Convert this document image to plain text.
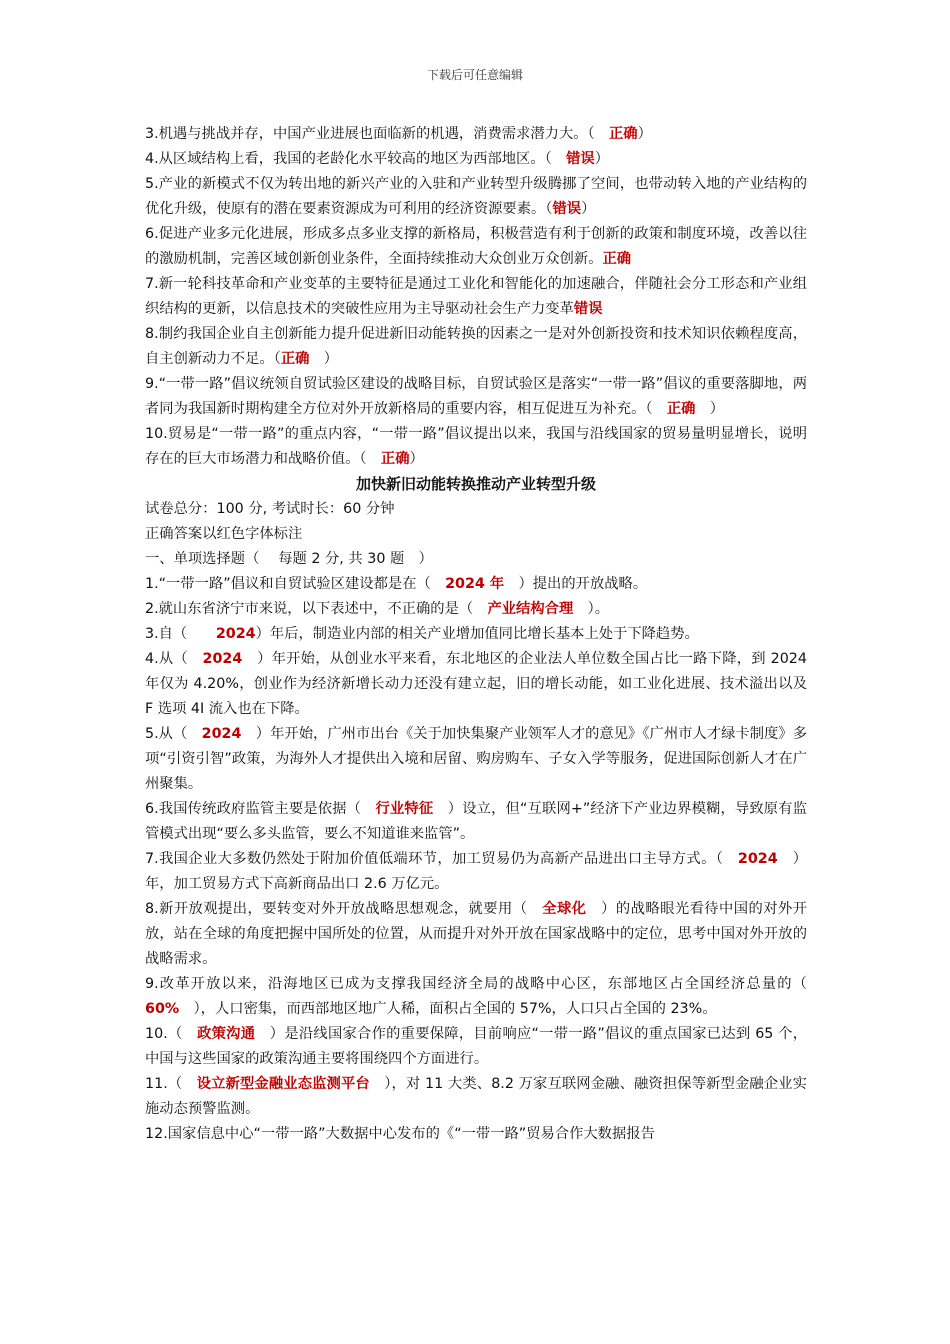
下载后可任意编辑

3.机遇与挑战并存，中国产业进展也面临新的机遇，消费需求潜力大。（　正确）

4.从区域结构上看，我国的老龄化水平较高的地区为西部地区。（　错误）

5.产业的新模式不仅为转出地的新兴产业的入驻和产业转型升级腾挪了空间，也带动转入地的产业结构的优化升级，使原有的潜在要素资源成为可利用的经济资源要素。（错误）

6.促进产业多元化进展，形成多点多业支撑的新格局，积极营造有利于创新的政策和制度环境，改善以往的激励机制，完善区域创新创业条件，全面持续推动大众创业万众创新。正确

7.新一轮科技革命和产业变革的主要特征是通过工业化和智能化的加速融合，伴随社会分工形态和产业组织结构的更新，以信息技术的突破性应用为主导驱动社会生产力变革错误

8.制约我国企业自主创新能力提升促进新旧动能转换的因素之一是对外创新投资和技术知识依赖程度高，自主创新动力不足。（正确　）

9.“一带一路”倡议统领自贸试验区建设的战略目标，自贸试验区是落实“一带一路”倡议的重要落脚地，两者同为我国新时期构建全方位对外开放新格局的重要内容，相互促进互为补充。（　正确　）

10.贸易是“一带一路”的重点内容，“一带一路”倡议提出以来，我国与沿线国家的贸易量明显增长，说明存在的巨大市场潜力和战略价值。（　正确）

加快新旧动能转换推动产业转型升级

试卷总分：100 分, 考试时长：60 分钟

正确答案以红色字体标注

一、单项选择题（　 每题 2 分, 共 30 题　）

1.“一带一路”倡议和自贸试验区建设都是在（　2024 年　）提出的开放战略。

2.就山东省济宁市来说，以下表述中，不正确的是（　产业结构合理　）。

3.自（　　2024）年后，制造业内部的相关产业增加值同比增长基本上处于下降趋势。

4.从（　2024　）年开始，从创业水平来看，东北地区的企业法人单位数全国占比一路下降，到 2024 年仅为 4.20%，创业作为经济新增长动力还没有建立起，旧的增长动能，如工业化进展、技术溢出以及 F 选项 4I 流入也在下降。

5.从（　2024　）年开始，广州市出台《关于加快集聚产业领军人才的意见》《广州市人才绿卡制度》多项“引资引智”政策，为海外人才提供出入境和居留、购房购车、子女入学等服务，促进国际创新人才在广州聚集。

6.我国传统政府监管主要是依据（　行业特征　）设立，但“互联网+”经济下产业边界模糊，导致原有监管模式出现“要么多头监管，要么不知道谁来监管”。

7.我国企业大多数仍然处于附加价值低端环节，加工贸易仍为高新产品进出口主导方式。（　2024　）年，加工贸易方式下高新商品出口 2.6 万亿元。

8.新开放观提出，要转变对外开放战略思想观念，就要用（　全球化　）的战略眼光看待中国的对外开放，站在全球的角度把握中国所处的位置，从而提升对外开放在国家战略中的定位，思考中国对外开放的战略需求。

9.改革开放以来，沿海地区已成为支撑我国经济全局的战略中心区，东部地区占全国经济总量的（　60%　），人口密集，而西部地区地广人稀，面积占全国的 57%，人口只占全国的 23%。

10.（　政策沟通　）是沿线国家合作的重要保障，目前响应“一带一路”倡议的重点国家已达到 65 个，中国与这些国家的政策沟通主要将围绕四个方面进行。

11.（　设立新型金融业态监测平台　），对 11 大类、8.2 万家互联网金融、融资担保等新型金融企业实施动态预警监测。

12.国家信息中心“一带一路”大数据中心发布的《“一带一路”贸易合作大数据报告
